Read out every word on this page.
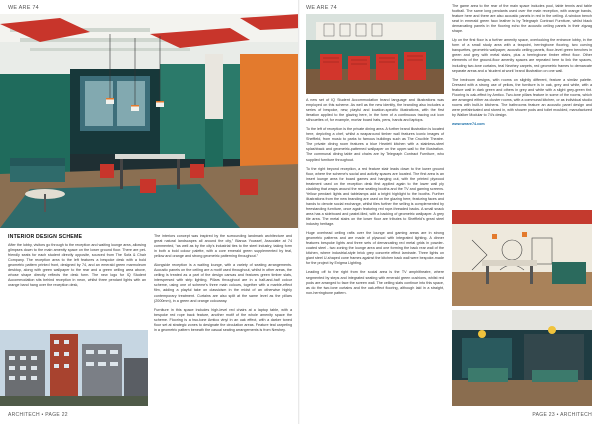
WE ARE 74
INTERIOR DESIGN SCHEME

After the lobby, visitors go through to the reception and waiting lounge area, allowing glimpses down to the main amenity space on the lower ground floor. There are pet-friendly seats for each student directly opposite, sourced from The Sofa & Chair Company. The reception area to the left features a bespoke desk with a bold geometric pattern printed front, designed by 74, and an emerald green marmoleum desktop, along with green wallpaper to the rear and a green ceiling area above, whose shape directly reflects the desk form. The new logo for IQ Student Accommodation sits behind reception in neon, whilst three pendant lights with an orange band hang over the reception desk,

The interiors concept was inspired by the surrounding landmark architecture and great natural landscapes all around the city,” Bianca Youssef, Associate at 74 commented, “as well as by the city's industrial ties to the steel industry, taking form in both a bold colour palette, with a core emerald green supplemented by teal, yellow and orange and strong geometric patterning throughout.”

Alongside reception is a waiting lounge, with a variety of seating arrangements. Acoustic panels on the ceiling are a motif used throughout, whilst in other areas, the ceiling is treated as a part of the design canvas and features green timber slats, interspersed with strip lighting. Pillars throughout are in a half-and-half colour scheme, using one of scheme's three main colours, together with a marble-effect film, adding a playful take on classicism in the midst of an otherwise highly contemporary treatment. Curtains are also split at the same level as the pillars (2000mm), in a green and orange colourway.

Furniture in this space includes high-level red chairs at a laptop table, with a bespoke red rope back feature, another motif of the whole amenity space the scheme. Flooring is a two-tone Amtico vinyl in an oak effect, with a darker toned floor set at strategic zones to designate the circulation areas. Feature teal carpeting in a geometric pattern beneath the casual seating arrangements is from Newhey.

ARCHITECH • PAGE 22
WE ARE 74

A new set of IQ Student Accommodation brand language and illustrations was employed on this scheme. As well as the new identity, the branding also includes a series of bespoke, new, playful and location-specific illustrations, with the first iteration applied to the glazing here, in the form of a continuous tracing out icon silhouettes of, for example, mortar board hats, pens, hands and laptops.

To the left of reception is the private dining area. A further brand illustration is located here, depicting a chef, whilst a wraparound timber wall features iconic images of Sheffield, from music to parks to famous buildings such as The Crucible Theatre. The private dining room features a blue Hewlett kitchen with a stainless-steel splashback and geometric-patterned wallpaper on the upper-wall to the illustration. The communal dining table and chairs are by Telegraph Contract Furniture, who supplied furniture throughout.

To the right beyond reception, a red feature stair leads down to the lower ground floor, where the scheme's social and activity spaces are located. The first area is an insert lounge area for board games and hanging out, with the printed plywood treatment used on the reception desk first applied again to the lower wall ply cladding that wraps around the rear seating booths and the TV and gaming screens. Yellow pendant lights and tablelamps add a bright highlight to the booths. Further illustrations from the new branding are used on the glazing here, featuring faces and hands to denote social exchange, whilst tiles further the selling is complemented by freestanding furniture, once again featuring red rope-threaded backs. A small snack area has a sideboard and pastel-tiled, with a backing of geometric wallpaper. A grey tile area. The metal stairs on the lower floor are tributes to Sheffield's great steel industry heritage.

Huge overhead ceiling rafts over the lounge and gaming areas are in strong geometric patterns and are made of plywood with integrated lighting. A dinner features bespoke lights and three sets of demarcating red metal grids in powder-coated steel - two zoning the lounge area and one forming the back rear wall of the kitchen, where industrial-style brick grey concrete effect laminate. Three lights on giant steel U-shaped cone frames against the kitchen back wall were bespoke-made for the project by Enigma Lighting.

Leading off to the right from the social area is the TV amphitheatre, where segmented by steps and integrated seating with emerald green cushions, whilst red pods are arranged to face the screen wall. The ceiling slats continue into this space, as do the two-tone curtains and the oak-effect flooring, although laid in a straight, non-herringbone pattern.

The game area to the rear of the main space includes pool, table tennis and table football. The same long pendants used over the main reception, with orange bands, feature here and there are also acoustic panels in red in the ceiling. A window bench seat in emerald green faux leather is by Telegraph Contract Furniture, whilst black demarcating panels in the flooring echo the acoustic ceiling panels in their zigzag shape.

Up on the first floor is a further amenity space, overlooking the entrance lobby, in the form of a small study area with a teapoint, herringbone flooring, two curving banquettes, geometric wallpaper, acoustic ceiling panels, floor-level green benches in green and grey with metal stairs, plus a herringbone timber effect floor. Other elements of the ground-floor amenity spaces are repeated here to link the spaces, including two-tone curtains, teal Newhey carpets, red geometric frames to demarcate separate areas and a 'student at work' brand illustration on one wall.

The bedroom designs, with rooms on slightly different, feature a similar palette. Dressed with a strong use of yellow, the furniture is in oak, grey and white, with a feature wall in dark green and others in grey and white with a slight grey-green tint. Flooring is oak-effect by Amtico. Two-tone pillars feature in some of the rooms, which are arranged either as cluster rooms, with a communal kitchen, or as individual studio rooms with built-in kitchens. The bathrooms feature an acoustic panel design and were prefabricated and stored in, with shower pods and toilet moulded, manufactured by Walker Modular to 74's design.

www.weare74.com

PAGE 23 • ARCHITECH
